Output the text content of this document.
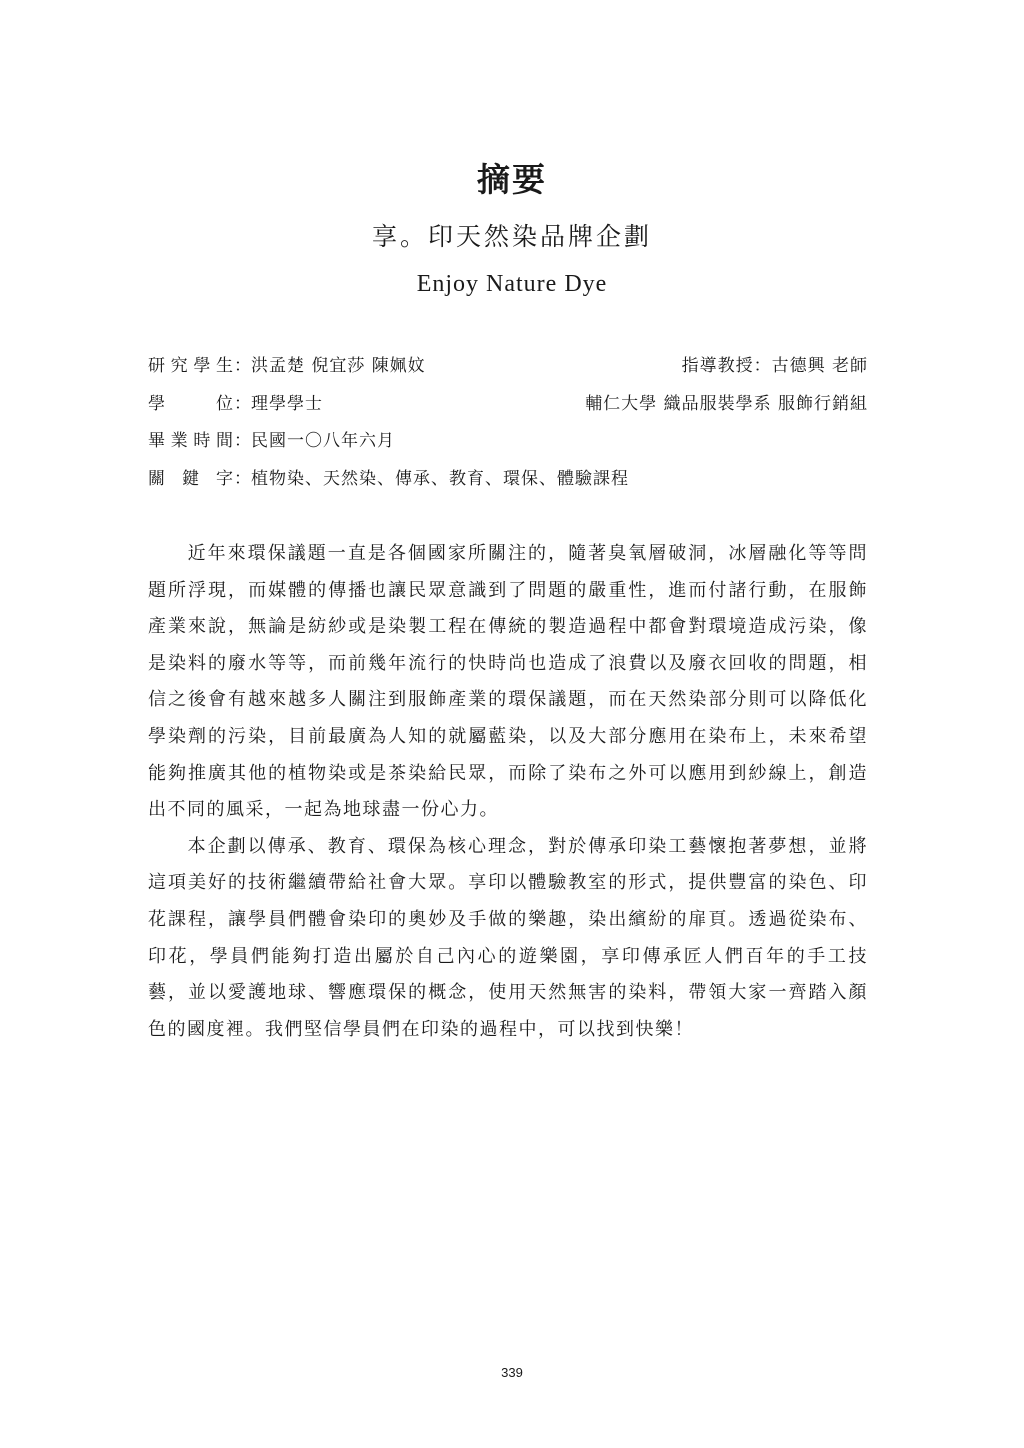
摘要
享。印天然染品牌企劃
Enjoy Nature Dye
研究學生：洪孟楚 倪宜莎 陳姵妏	指導教授：古德興 老師
學位：理學學士	輔仁大學 織品服裝學系 服飾行銷組
畢業時間：民國一〇八年六月
關鍵字：植物染、天然染、傳承、教育、環保、體驗課程

近年來環保議題一直是各個國家所關注的，隨著臭氧層破洞，冰層融化等等問題所浮現，而媒體的傳播也讓民眾意識到了問題的嚴重性，進而付諸行動，在服飾產業來說，無論是紡紗或是染製工程在傳統的製造過程中都會對環境造成污染，像是染料的廢水等等，而前幾年流行的快時尚也造成了浪費以及廢衣回收的問題，相信之後會有越來越多人關注到服飾產業的環保議題，而在天然染部分則可以降低化學染劑的污染，目前最廣為人知的就屬藍染，以及大部分應用在染布上，未來希望能夠推廣其他的植物染或是茶染給民眾，而除了染布之外可以應用到紗線上，創造出不同的風采，一起為地球盡一份心力。

本企劃以傳承、教育、環保為核心理念，對於傳承印染工藝懷抱著夢想，並將這項美好的技術繼續帶給社會大眾。享印以體驗教室的形式，提供豐富的染色、印花課程，讓學員們體會染印的奧妙及手做的樂趣，染出繽紛的扉頁。透過從染布、印花，學員們能夠打造出屬於自己內心的遊樂園，享印傳承匠人們百年的手工技藝，並以愛護地球、響應環保的概念，使用天然無害的染料，帶領大家一齊踏入顏色的國度裡。我們堅信學員們在印染的過程中，可以找到快樂！

339
